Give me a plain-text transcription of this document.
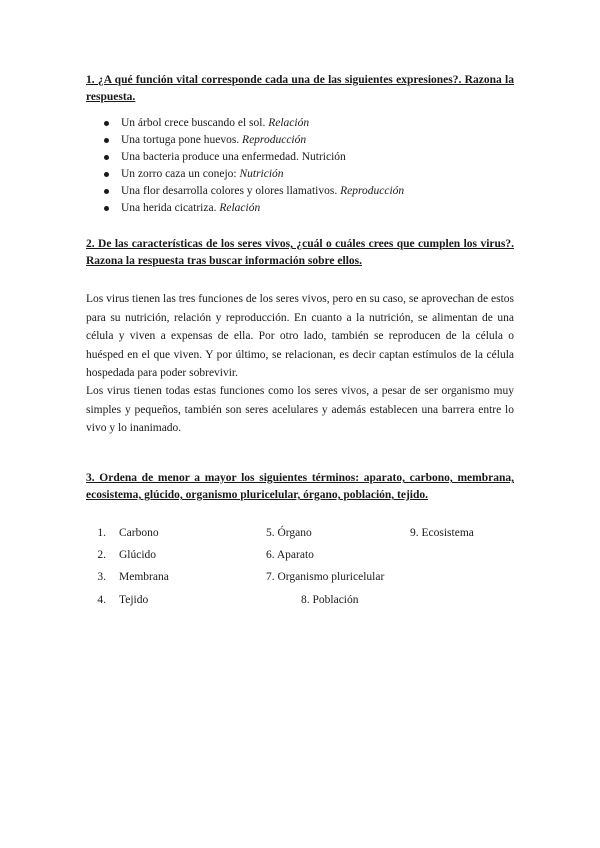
1. ¿A qué función vital corresponde cada una de las siguientes expresiones?. Razona la respuesta.

Un árbol crece buscando el sol. Relación
Una tortuga pone huevos. Reproducción
Una bacteria produce una enfermedad. Nutrición
Un zorro caza un conejo: Nutrición
Una flor desarrolla colores y olores llamativos. Reproducción
Una herida cicatriza. Relación

2. De las características de los seres vivos, ¿cuál o cuáles crees que cumplen los virus?. Razona la respuesta tras buscar información sobre ellos.

Los virus tienen las tres funciones de los seres vivos, pero en su caso, se aprovechan de estos para su nutrición, relación y reproducción. En cuanto a la nutrición, se alimentan de una célula y viven a expensas de ella. Por otro lado, también se reproducen de la célula o huésped en el que viven. Y por último, se relacionan, es decir captan estímulos de la célula hospedada para poder sobrevivir.

Los virus tienen todas estas funciones como los seres vivos, a pesar de ser organismo muy simples y pequeños, también son seres acelulares y además establecen una barrera entre lo vivo y lo inanimado.

3. Ordena de menor a mayor los siguientes términos: aparato, carbono, membrana, ecosistema, glúcido, organismo pluricelular, órgano, población, tejido.

1. Carbono
2. Glúcido
3. Membrana
4. Tejido
5. Órgano
6. Aparato
7. Organismo pluricelular
8. Población
9. Ecosistema
